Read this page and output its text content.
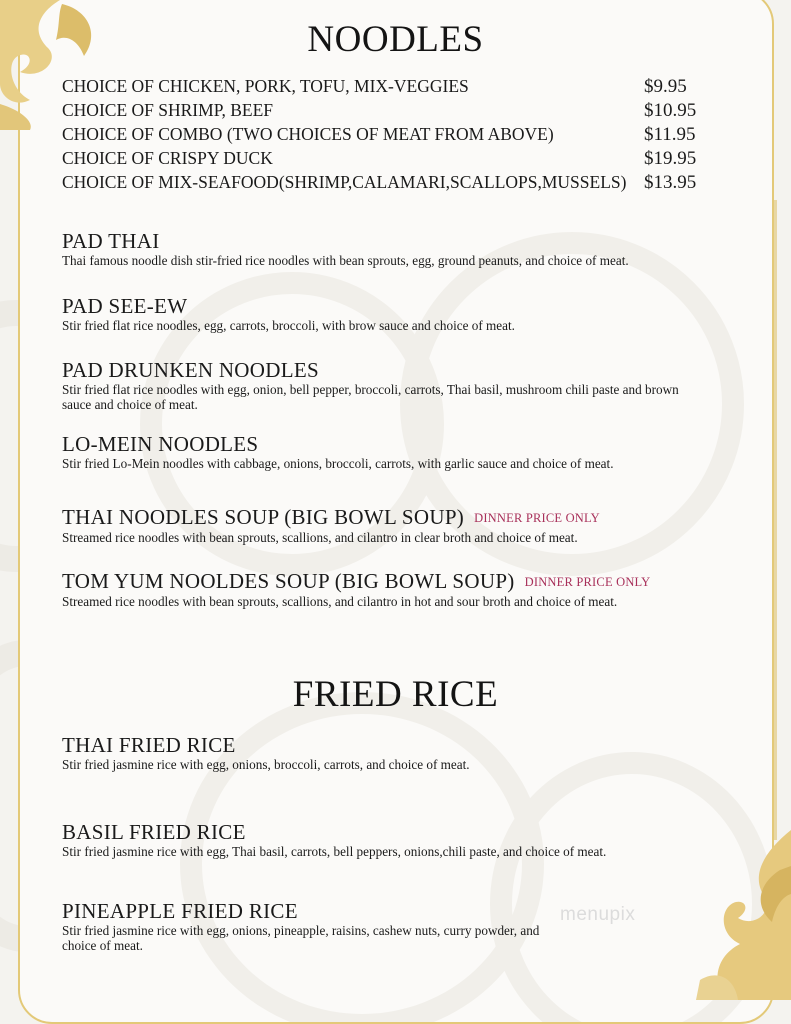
NOODLES
CHOICE OF CHICKEN, PORK, TOFU, MIX-VEGGIES	$9.95
CHOICE OF SHRIMP, BEEF	$10.95
CHOICE OF COMBO (TWO CHOICES OF MEAT FROM ABOVE)	$11.95
CHOICE OF CRISPY DUCK	$19.95
CHOICE OF MIX-SEAFOOD(SHRIMP,CALAMARI,SCALLOPS,MUSSELS) $13.95
PAD THAI
Thai famous noodle dish stir-fried rice noodles with bean sprouts, egg, ground peanuts, and choice of meat.
PAD SEE-EW
Stir fried flat rice noodles, egg, carrots, broccoli, with brow sauce and choice of meat.
PAD DRUNKEN NOODLES
Stir fried flat rice noodles with egg, onion, bell pepper, broccoli, carrots, Thai basil, mushroom chili paste and brown sauce and choice of meat.
LO-MEIN NOODLES
Stir fried Lo-Mein noodles with cabbage, onions, broccoli, carrots, with garlic sauce and choice of meat.
THAI NOODLES SOUP (BIG BOWL SOUP) DINNER PRICE ONLY
Streamed rice noodles with bean sprouts, scallions, and cilantro in clear broth and choice of meat.
TOM YUM NOOLDES SOUP (BIG BOWL SOUP) DINNER PRICE ONLY
Streamed rice noodles with bean sprouts, scallions, and cilantro in hot and sour broth and choice of meat.
FRIED RICE
THAI FRIED RICE
Stir fried jasmine rice with egg, onions, broccoli, carrots, and choice of meat.
BASIL FRIED RICE
Stir fried jasmine rice with egg, Thai basil, carrots, bell peppers, onions,chili paste, and choice of meat.
PINEAPPLE FRIED RICE
Stir fried jasmine rice with egg, onions, pineapple, raisins, cashew nuts, curry powder, and choice of meat.
menupix
